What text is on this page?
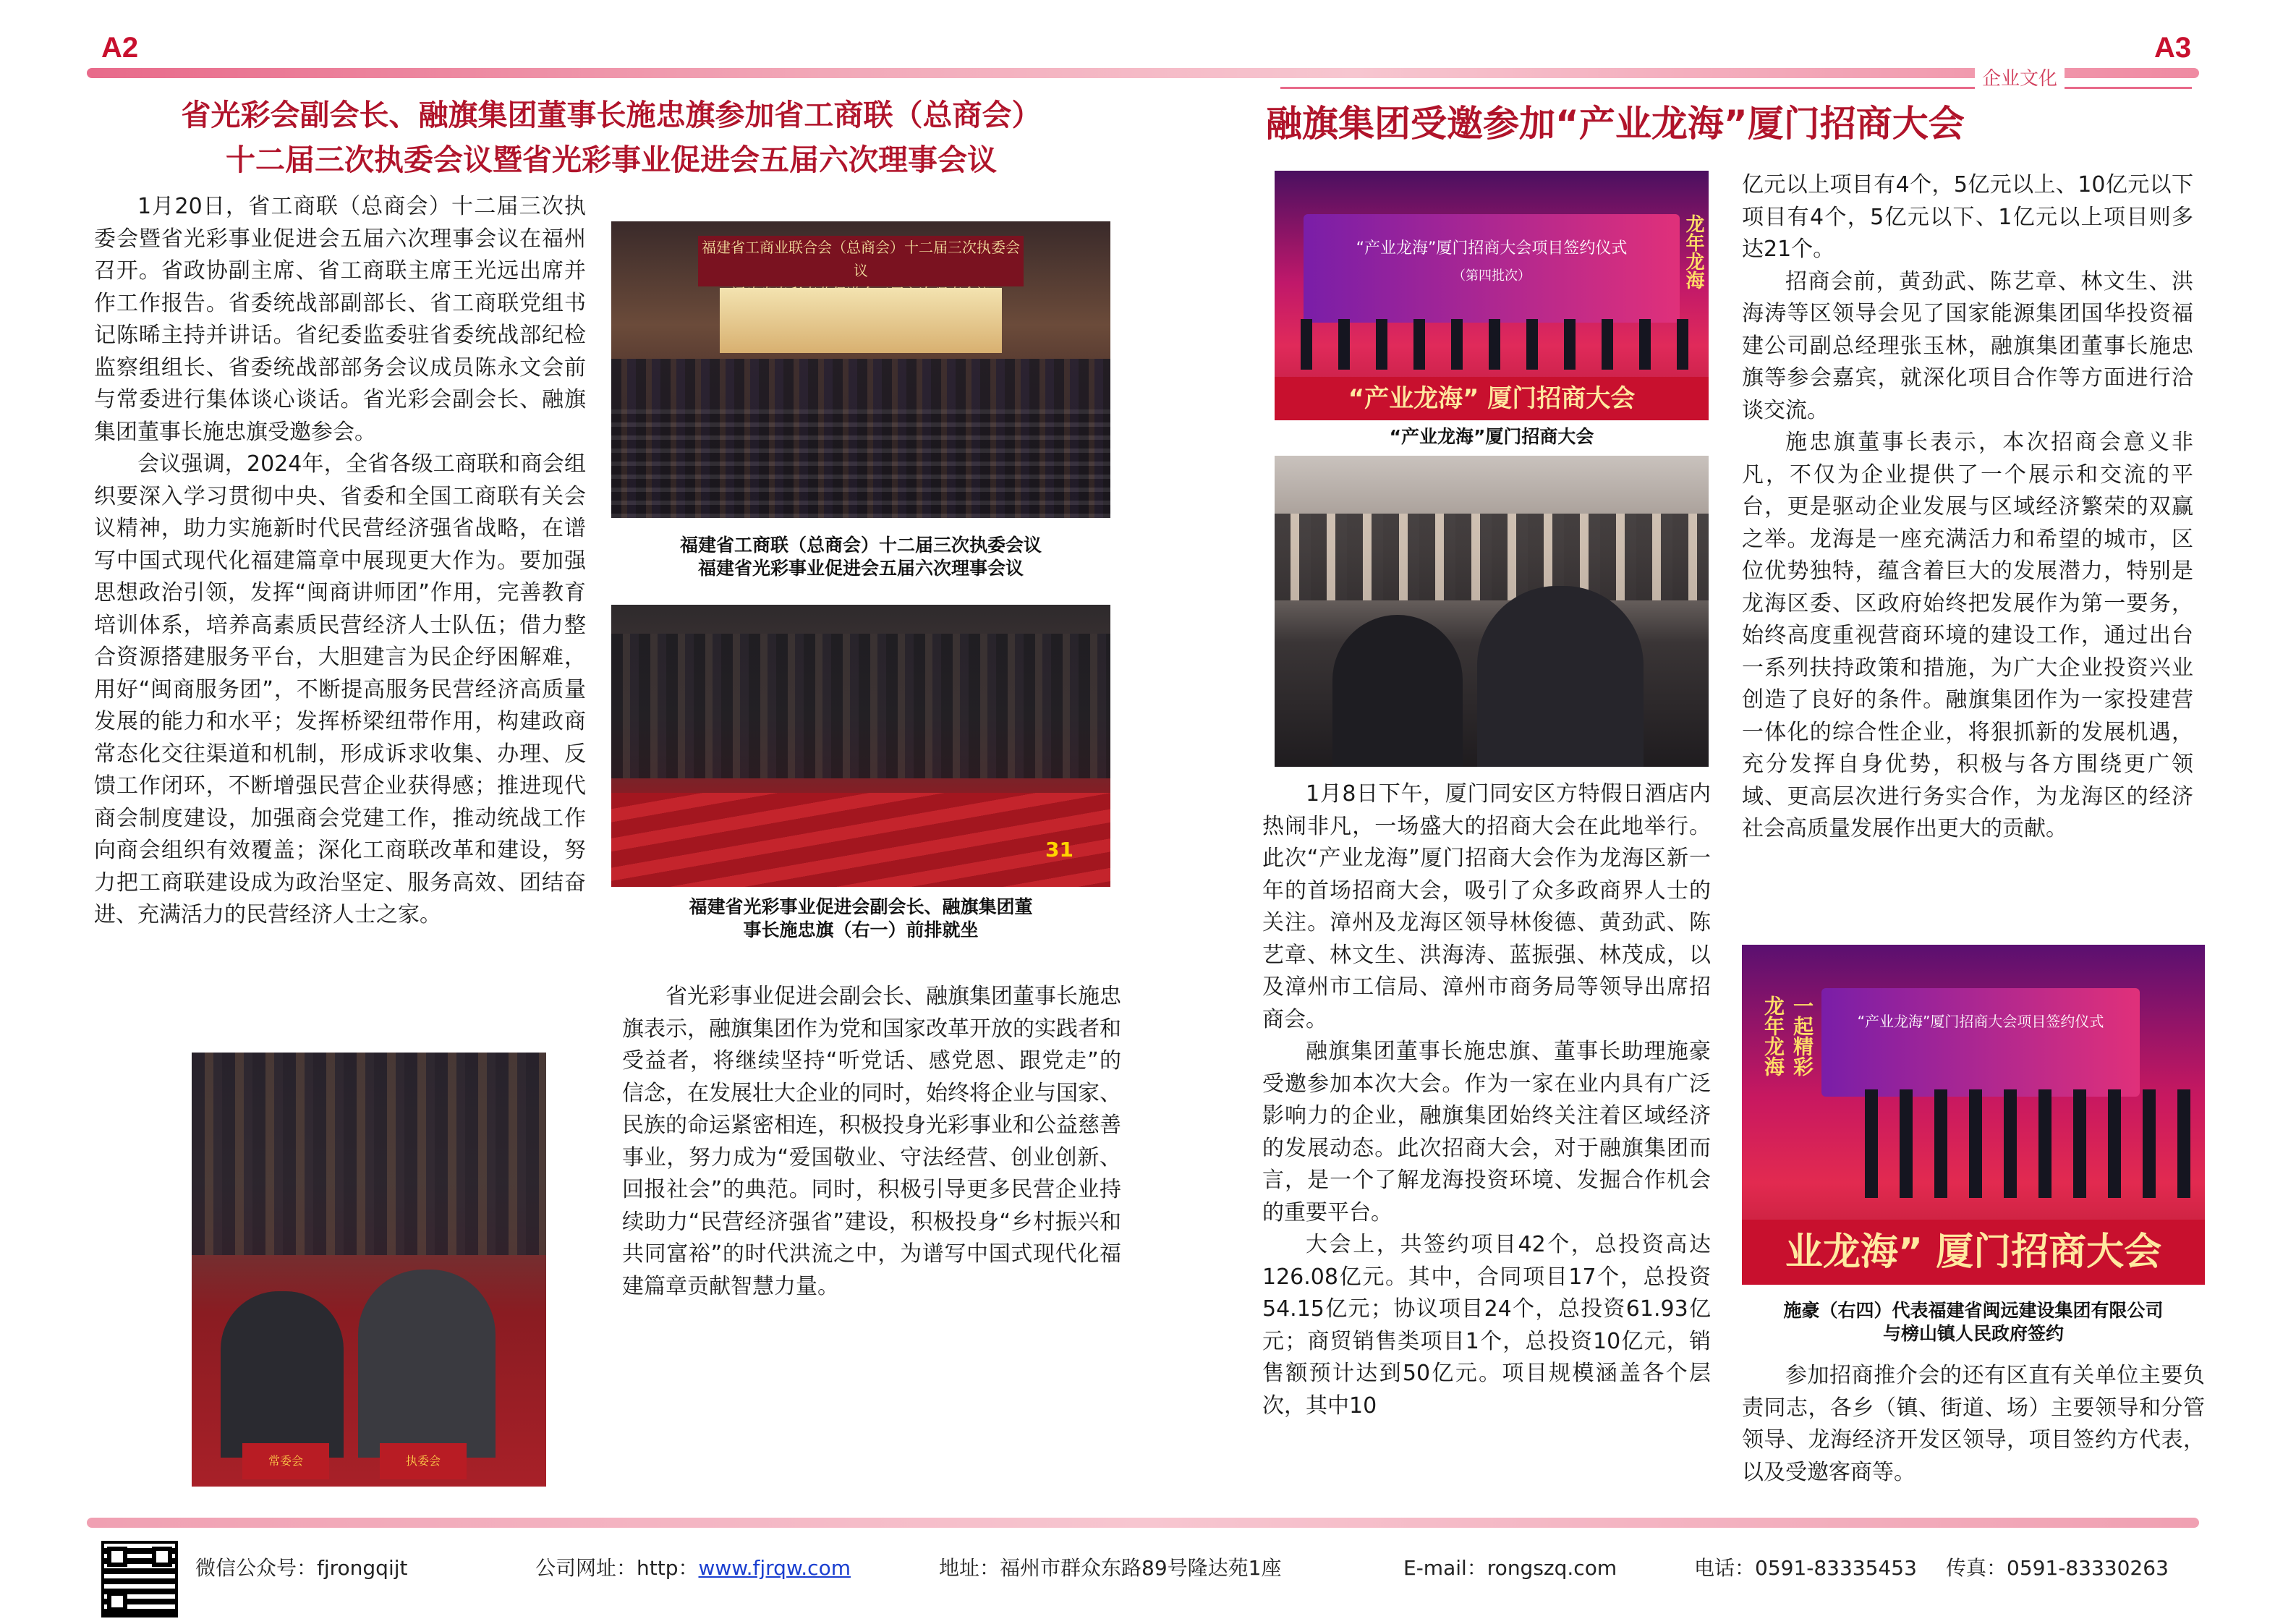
A2	A3
企业文化
省光彩会副会长、融旗集团董事长施忠旗参加省工商联（总商会）
十二届三次执委会议暨省光彩事业促进会五届六次理事会议

1月20日，省工商联（总商会）十二届三次执委会暨省光彩事业促进会五届六次理事会议在福州召开。省政协副主席、省工商联主席王光远出席并作工作报告。省委统战部副部长、省工商联党组书记陈晞主持并讲话。省纪委监委驻省委统战部纪检监察组组长、省委统战部部务会议成员陈永文会前与常委进行集体谈心谈话。省光彩会副会长、融旗集团董事长施忠旗受邀参会。

会议强调，2024年，全省各级工商联和商会组织要深入学习贯彻中央、省委和全国工商联有关会议精神，助力实施新时代民营经济强省战略，在谱写中国式现代化福建篇章中展现更大作为。要加强思想政治引领，发挥“闽商讲师团”作用，完善教育培训体系，培养高素质民营经济人士队伍；借力整合资源搭建服务平台，大胆建言为民企纾困解难，用好“闽商服务团”，不断提高服务民营经济高质量发展的能力和水平；发挥桥梁纽带作用，构建政商常态化交往渠道和机制，形成诉求收集、办理、反馈工作闭环，不断增强民营企业获得感；推进现代商会制度建设，加强商会党建工作，推动统战工作向商会组织有效覆盖；深化工商联改革和建设，努力把工商联建设成为政治坚定、服务高效、团结奋进、充满活力的民营经济人士之家。

福建省工商业联合会（总商会）十二届三次执委会议
福建省工商联（总商会）十二届三次执委会议
福建省光彩事业促进会五届六次理事会议
31
福建省光彩事业促进会副会长、融旗集团董
事长施忠旗（右一）前排就坐
常委会	执委会

省光彩事业促进会副会长、融旗集团董事长施忠旗表示，融旗集团作为党和国家改革开放的实践者和受益者，将继续坚持“听党话、感党恩、跟党走”的信念，在发展壮大企业的同时，始终将企业与国家、民族的命运紧密相连，积极投身光彩事业和公益慈善事业，努力成为“爱国敬业、守法经营、创业创新、回报社会”的典范。同时，积极引导更多民营企业持续助力“民营经济强省”建设，积极投身“乡村振兴和共同富裕”的时代洪流之中，为谱写中国式现代化福建篇章贡献智慧力量。

融旗集团受邀参加“产业龙海”厦门招商大会
“产业龙海”厦门招商大会项目签约仪式
（第四批次）	龙年龙海
“产业龙海” 厦门招商大会
“产业龙海”厦门招商大会

1月8日下午，厦门同安区方特假日酒店内热闹非凡，一场盛大的招商大会在此地举行。此次“产业龙海”厦门招商大会作为龙海区新一年的首场招商大会，吸引了众多政商界人士的关注。漳州及龙海区领导林俊德、黄劲武、陈艺章、林文生、洪海涛、蓝振强、林茂成，以及漳州市工信局、漳州市商务局等领导出席招商会。

融旗集团董事长施忠旗、董事长助理施豪受邀参加本次大会。作为一家在业内具有广泛影响力的企业，融旗集团始终关注着区域经济的发展动态。此次招商大会，对于融旗集团而言，是一个了解龙海投资环境、发掘合作机会的重要平台。

大会上，共签约项目42个，总投资高达126.08亿元。其中，合同项目17个，总投资54.15亿元；协议项目24个，总投资61.93亿元；商贸销售类项目1个，总投资10亿元，销售额预计达到50亿元。项目规模涵盖各个层次，其中10

亿元以上项目有4个，5亿元以上、10亿元以下项目有4个，5亿元以下、1亿元以上项目则多达21个。

招商会前，黄劲武、陈艺章、林文生、洪海涛等区领导会见了国家能源集团国华投资福建公司副总经理张玉林，融旗集团董事长施忠旗等参会嘉宾，就深化项目合作等方面进行洽谈交流。

施忠旗董事长表示，本次招商会意义非凡，不仅为企业提供了一个展示和交流的平台，更是驱动企业发展与区域经济繁荣的双赢之举。龙海是一座充满活力和希望的城市，区位优势独特，蕴含着巨大的发展潜力，特别是龙海区委、区政府始终把发展作为第一要务，始终高度重视营商环境的建设工作，通过出台一系列扶持政策和措施，为广大企业投资兴业创造了良好的条件。融旗集团作为一家投建营一体化的综合性企业，将狠抓新的发展机遇，充分发挥自身优势，积极与各方围绕更广领域、更高层次进行务实合作，为龙海区的经济社会高质量发展作出更大的贡献。

“产业龙海”厦门招商大会项目签约仪式
龙年龙海 一起精彩
业龙海” 厦门招商大会
施豪（右四）代表福建省闽远建设集团有限公司
与榜山镇人民政府签约

参加招商推介会的还有区直有关单位主要负责同志，各乡（镇、街道、场）主要领导和分管领导、龙海经济开发区领导，项目签约方代表，以及受邀客商等。

微信公众号：fjrongqijt	公司网址：http：www.fjrqw.com	地址：福州市群众东路89号隆达苑1座	E-mail：rongszq.com	电话：0591-83335453 传真：0591-83330263
